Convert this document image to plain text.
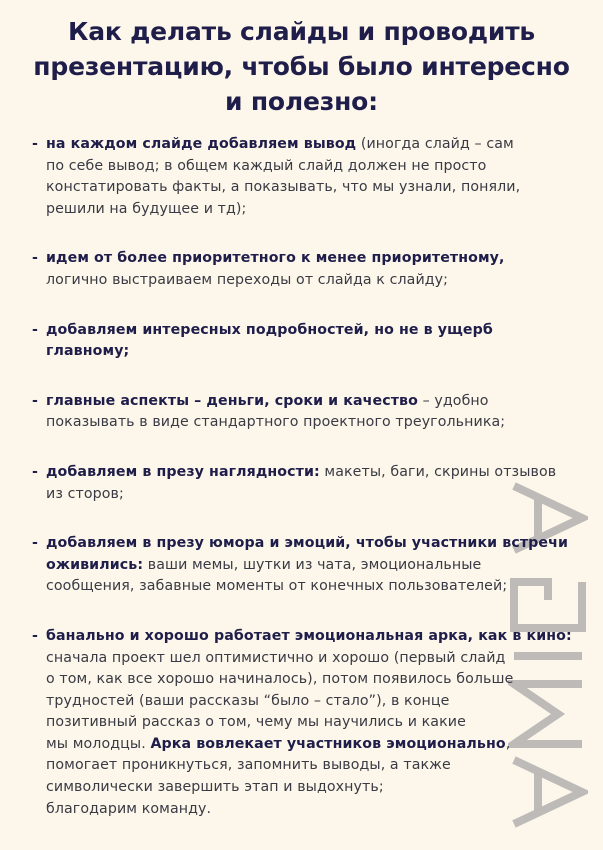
Как делать слайды и проводить
презентацию, чтобы было интересно
и полезно:
- на каждом слайде добавляем вывод (иногда слайд – сам
по себе вывод; в общем каждый слайд должен не просто
констатировать факты, а показывать, что мы узнали, поняли,
решили на будущее и тд);
- идем от более приоритетного к менее приоритетному,
логично выстраиваем переходы от слайда к слайду;
- добавляем интересных подробностей, но не в ущерб
главному;
- главные аспекты – деньги, сроки и качество – удобно
показывать в виде стандартного проектного треугольника;
- добавляем в презу наглядности: макеты, баги, скрины отзывов
из сторов;
- добавляем в презу юмора и эмоций, чтобы участники встречи
оживились: ваши мемы, шутки из чата, эмоциональные
сообщения, забавные моменты от конечных пользователей;
- банально и хорошо работает эмоциональная арка, как в кино:
сначала проект шел оптимистично и хорошо (первый слайд
о том, как все хорошо начиналось), потом появилось больше
трудностей (ваши рассказы “было – стало”), в конце
позитивный рассказ о том, чему мы научились и какие
мы молодцы. Арка вовлекает участников эмоционально,
помогает проникнуться, запомнить выводы, а также
символически завершить этап и выдохнуть;
благодарим команду.
